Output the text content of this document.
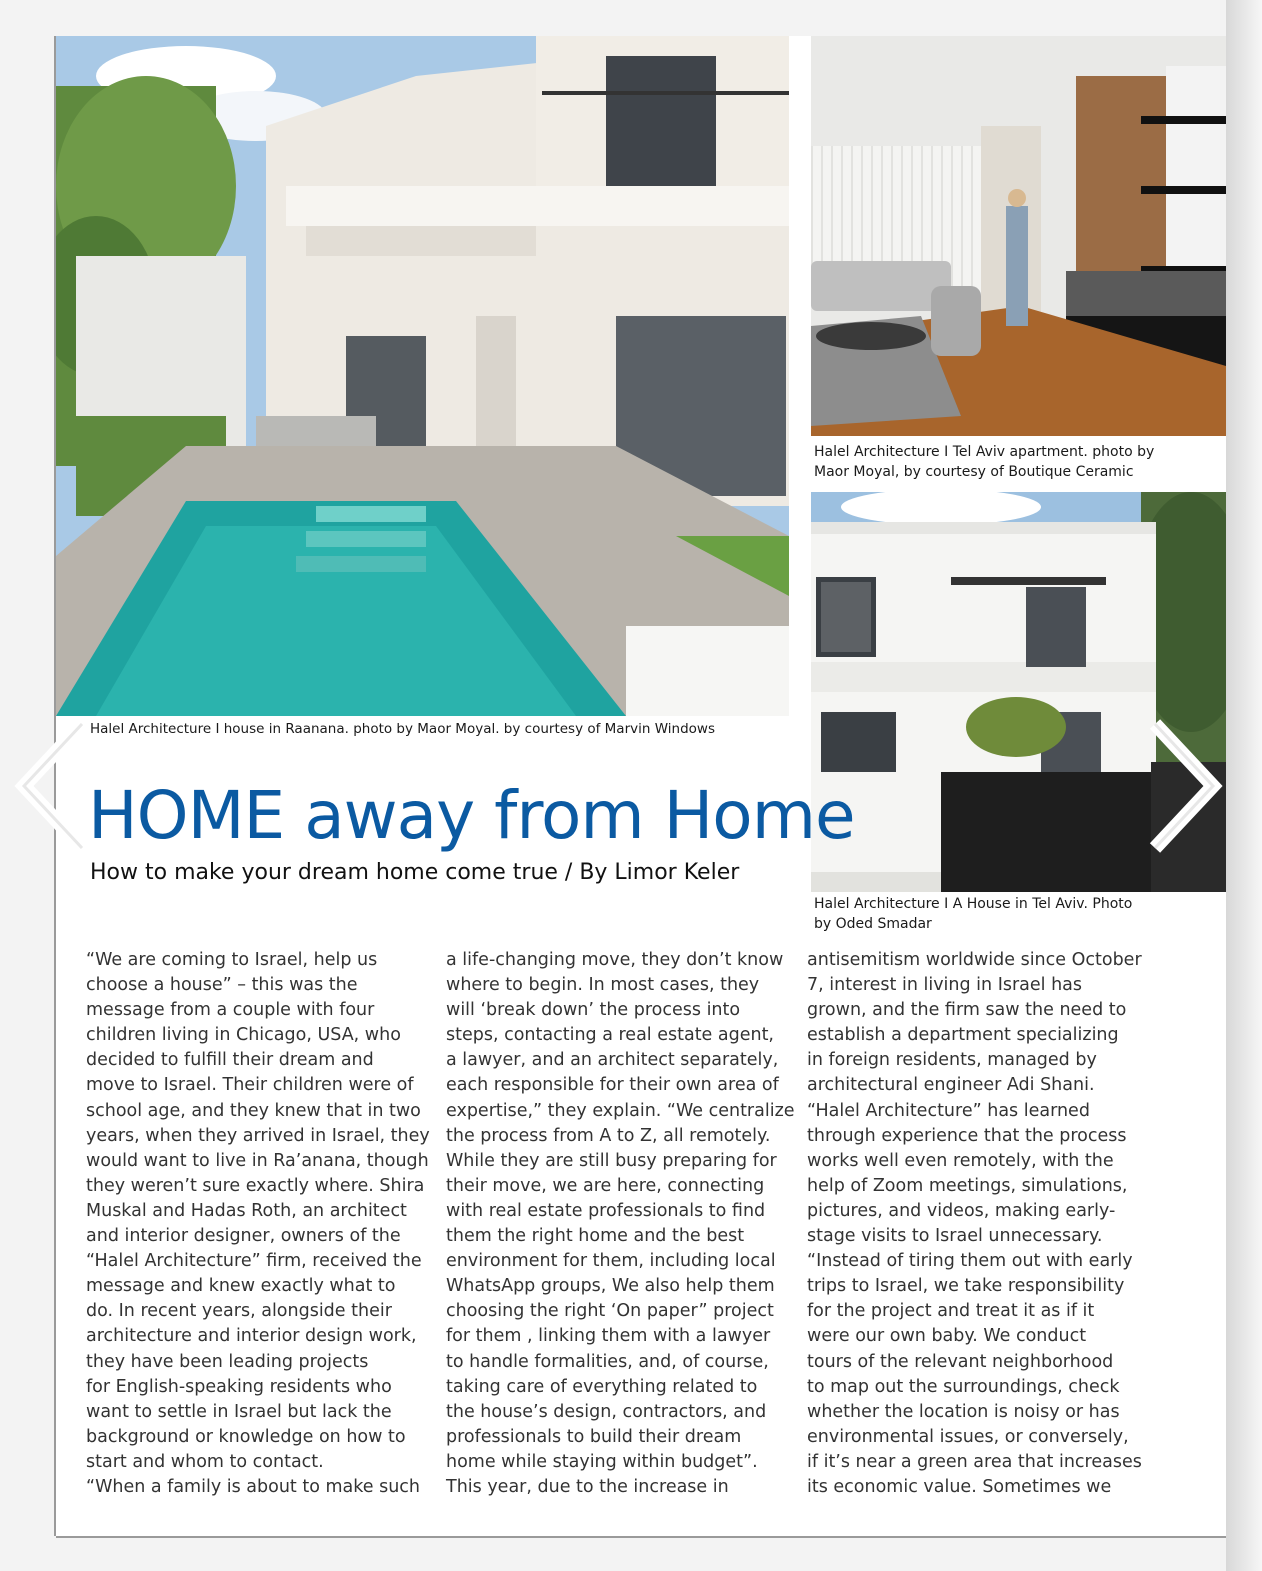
Halel Architecture I house in Raanana. photo by Maor Moyal. by courtesy of Marvin Windows

Halel Architecture I Tel Aviv apartment. photo by
Maor Moyal, by courtesy of Boutique Ceramic

Halel Architecture I A House in Tel Aviv. Photo
by Oded Smadar

HOME away from Home

How to make your dream home come true / By Limor Keler

“We are coming to Israel, help us
choose a house” – this was the
message from a couple with four
children living in Chicago, USA, who
decided to fulfill their dream and
move to Israel. Their children were of
school age, and they knew that in two
years, when they arrived in Israel, they
would want to live in Ra’anana, though
they weren’t sure exactly where. Shira
Muskal and Hadas Roth, an architect
and interior designer, owners of the
“Halel Architecture” firm, received the
message and knew exactly what to
do. In recent years, alongside their
architecture and interior design work,
they have been leading projects
for English-speaking residents who
want to settle in Israel but lack the
background or knowledge on how to
start and whom to contact.
“When a family is about to make such

a life-changing move, they don’t know
where to begin. In most cases, they
will ‘break down’ the process into
steps, contacting a real estate agent,
a lawyer, and an architect separately,
each responsible for their own area of
expertise,” they explain. “We centralize
the process from A to Z, all remotely.
While they are still busy preparing for
their move, we are here, connecting
with real estate professionals to find
them the right home and the best
environment for them, including local
WhatsApp groups, We also help them
choosing the right ‘On paper” project
for them , linking them with a lawyer
to handle formalities, and, of course,
taking care of everything related to
the house’s design, contractors, and
professionals to build their dream
home while staying within budget”.
This year, due to the increase in

antisemitism worldwide since October
7, interest in living in Israel has
grown, and the firm saw the need to
establish a department specializing
in foreign residents, managed by
architectural engineer Adi Shani.
“Halel Architecture” has learned
through experience that the process
works well even remotely, with the
help of Zoom meetings, simulations,
pictures, and videos, making early-
stage visits to Israel unnecessary.
“Instead of tiring them out with early
trips to Israel, we take responsibility
for the project and treat it as if it
were our own baby. We conduct
tours of the relevant neighborhood
to map out the surroundings, check
whether the location is noisy or has
environmental issues, or conversely,
if it’s near a green area that increases
its economic value. Sometimes we
